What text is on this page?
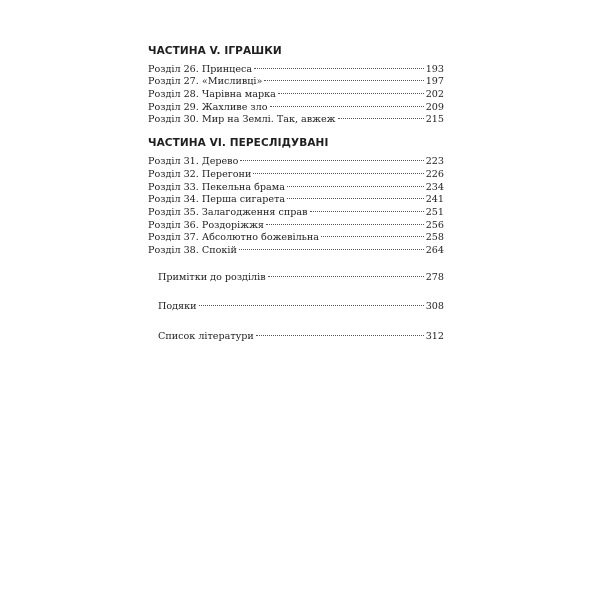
ЧАСТИНА V. ІГРАШКИ
Розділ 26. Принцеса	193
Розділ 27. «Мисливці»	197
Розділ 28. Чарівна марка	202
Розділ 29. Жахливе зло	209
Розділ 30. Мир на Землі. Так, авжеж	215
ЧАСТИНА VI. ПЕРЕСЛІДУВАНІ
Розділ 31. Дерево	223
Розділ 32. Перегони	226
Розділ 33. Пекельна брама	234
Розділ 34. Перша сигарета	241
Розділ 35. Залагодження справ	251
Розділ 36. Роздоріжжя	256
Розділ 37. Абсолютно божевільна	258
Розділ 38. Спокій	264
Примітки до розділів	278
Подяки	308
Список літератури	312
